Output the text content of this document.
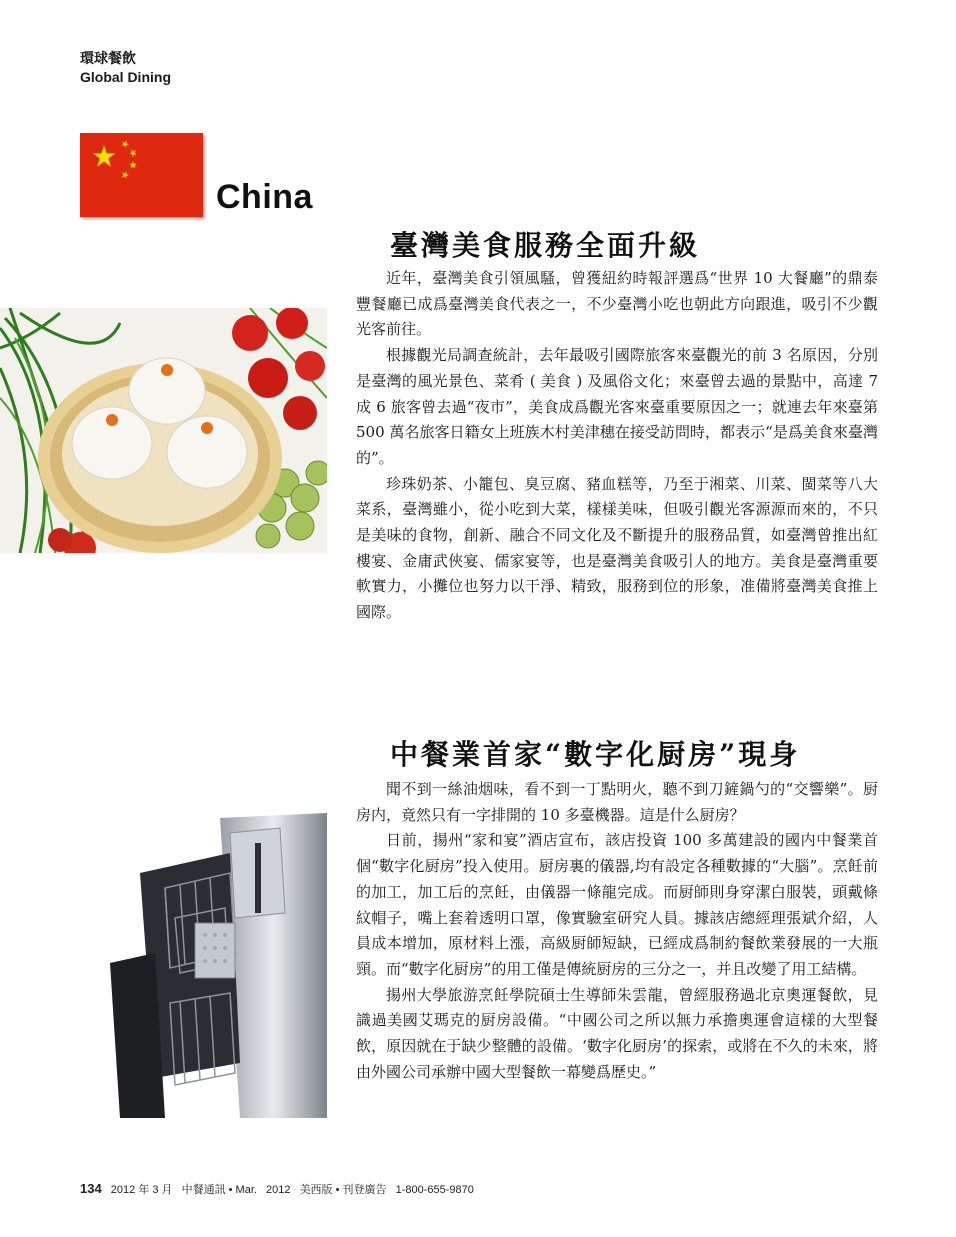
環球餐飲
Global Dining
China
臺灣美食服務全面升級

近年，臺灣美食引領風騷，曾獲紐約時報評選爲“世界 10 大餐廳”的鼎泰豐餐廳已成爲臺灣美食代表之一，不少臺灣小吃也朝此方向跟進，吸引不少觀光客前往。

根據觀光局調查統計，去年最吸引國際旅客來臺觀光的前 3 名原因，分別是臺灣的風光景色、菜肴 ( 美食 ) 及風俗文化；來臺曾去過的景點中，高達 7 成 6 旅客曾去過“夜市”，美食成爲觀光客來臺重要原因之一；就連去年來臺第 500 萬名旅客日籍女上班族木村美津穗在接受訪問時，都表示“是爲美食來臺灣的”。

珍珠奶茶、小籠包、臭豆腐、豬血糕等，乃至于湘菜、川菜、閩菜等八大菜系，臺灣雖小，從小吃到大菜，樣樣美味，但吸引觀光客源源而來的，不只是美味的食物，創新、融合不同文化及不斷提升的服務品質，如臺灣曾推出紅樓宴、金庸武俠宴、儒家宴等，也是臺灣美食吸引人的地方。美食是臺灣重要軟實力，小攤位也努力以干淨、精致，服務到位的形象，准備將臺灣美食推上國際。

中餐業首家“數字化厨房”現身

聞不到一絲油烟味，看不到一丁點明火，聽不到刀鏟鍋勺的“交響樂”。厨房内，竟然只有一字排開的 10 多臺機器。這是什么厨房？

日前，揚州“家和宴”酒店宣布，該店投資 100 多萬建設的國内中餐業首個“數字化厨房”投入使用。厨房裏的儀器,均有設定各種數據的“大腦”。烹飪前的加工，加工后的烹飪，由儀器一條龍完成。而厨師則身穿潔白服裝，頭戴條紋帽子，嘴上套着透明口罩，像實驗室研究人員。據該店總經理張斌介紹，人員成本增加，原材料上漲，高級厨師短缺，已經成爲制約餐飲業發展的一大瓶頸。而“數字化厨房”的用工僅是傳統厨房的三分之一，并且改變了用工結構。

揚州大學旅游烹飪學院碩士生導師朱雲龍，曾經服務過北京奧運餐飲，見識過美國艾瑪克的厨房設備。“中國公司之所以無力承擔奧運會這樣的大型餐飲，原因就在于缺少整體的設備。‘數字化厨房’的探索，或將在不久的未來，將由外國公司承辦中國大型餐飲一幕變爲歷史。”

134 2012 年 3 月 中餐通訊 • Mar. 2012 美西版 • 刊登廣告 1-800-655-9870
